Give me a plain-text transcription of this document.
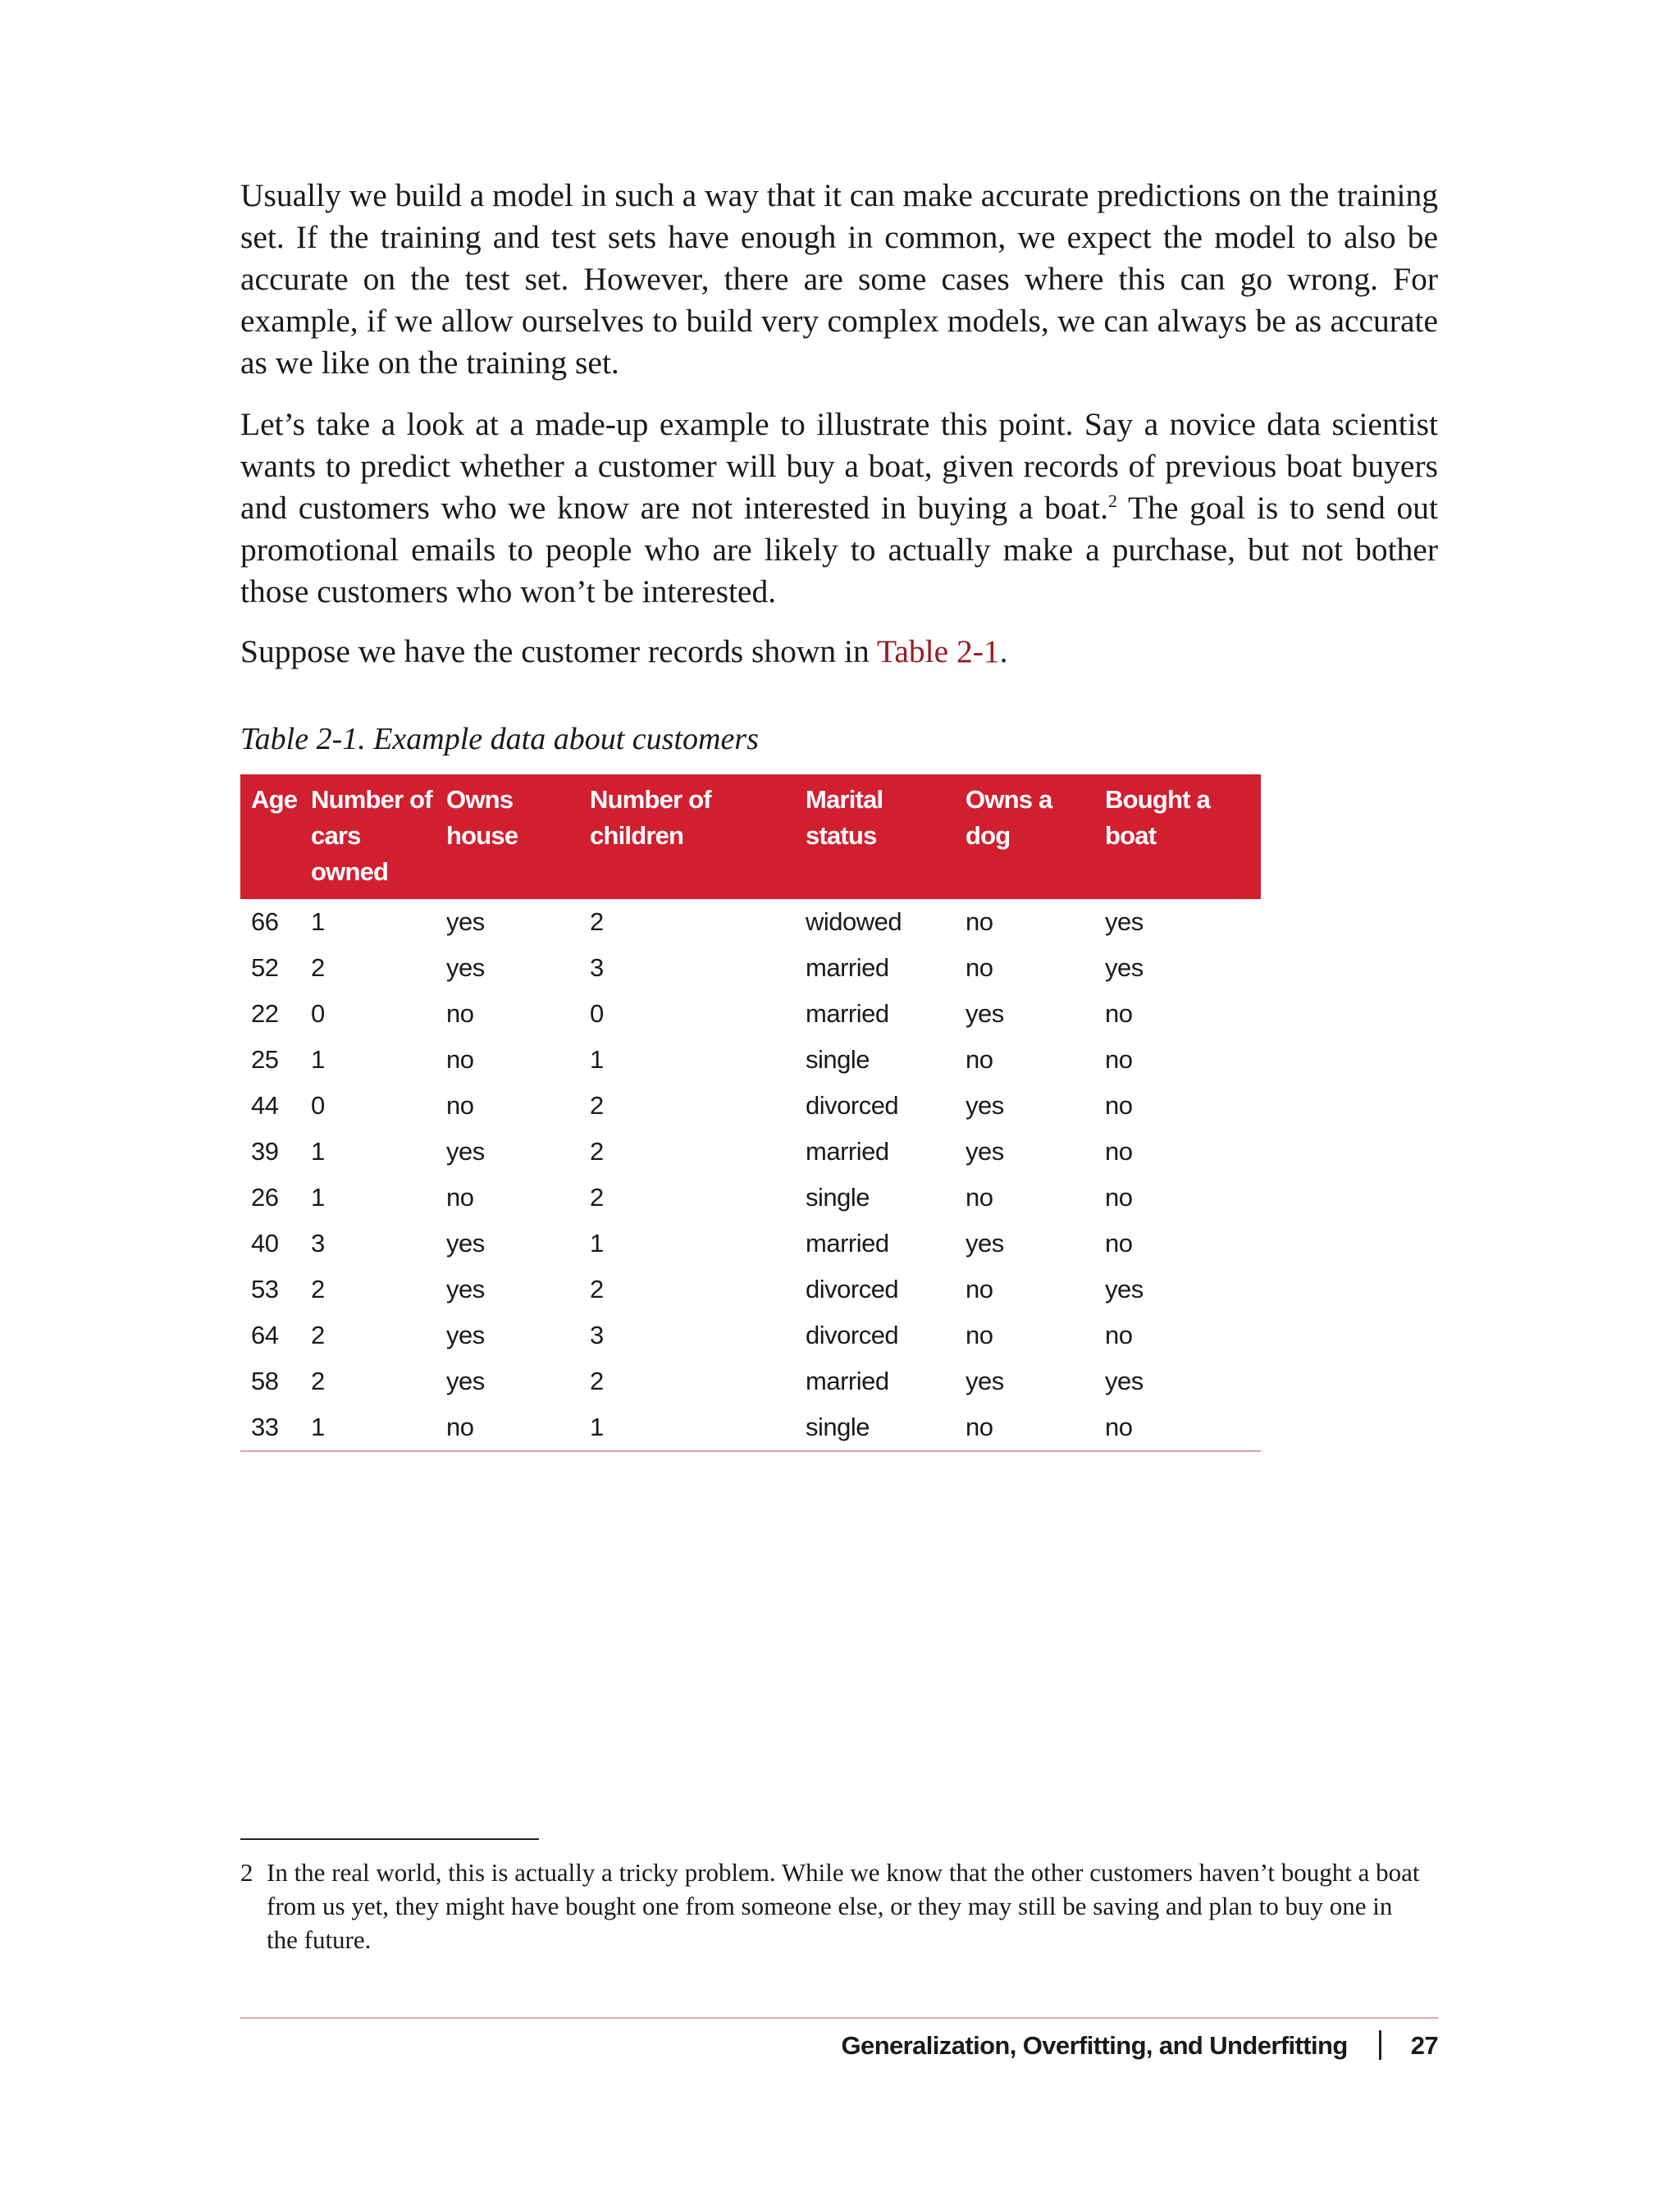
Usually we build a model in such a way that it can make accurate predictions on the training set. If the training and test sets have enough in common, we expect the model to also be accurate on the test set. However, there are some cases where this can go wrong. For example, if we allow ourselves to build very complex models, we can always be as accurate as we like on the training set.

Let’s take a look at a made-up example to illustrate this point. Say a novice data scientist wants to predict whether a customer will buy a boat, given records of previous boat buyers and customers who we know are not interested in buying a boat.$^2$ The goal is to send out promotional emails to people who are likely to actually make a purchase, but not bother those customers who won’t be interested.

Suppose we have the customer records shown in Table 2-1.

Table 2-1. Example data about customers

Age	Number of cars owned	Owns house	Number of children	Marital status	Owns a dog	Bought a boat
66	1	yes	2	widowed	no	yes
52	2	yes	3	married	no	yes
22	0	no	0	married	yes	no
25	1	no	1	single	no	no
44	0	no	2	divorced	yes	no
39	1	yes	2	married	yes	no
26	1	no	2	single	no	no
40	3	yes	1	married	yes	no
53	2	yes	2	divorced	no	yes
64	2	yes	3	divorced	no	no
58	2	yes	2	married	yes	yes
33	1	no	1	single	no	no

2 In the real world, this is actually a tricky problem. While we know that the other customers haven’t bought a boat from us yet, they might have bought one from someone else, or they may still be saving and plan to buy one in the future.

Generalization, Overfitting, and Underfitting 27
